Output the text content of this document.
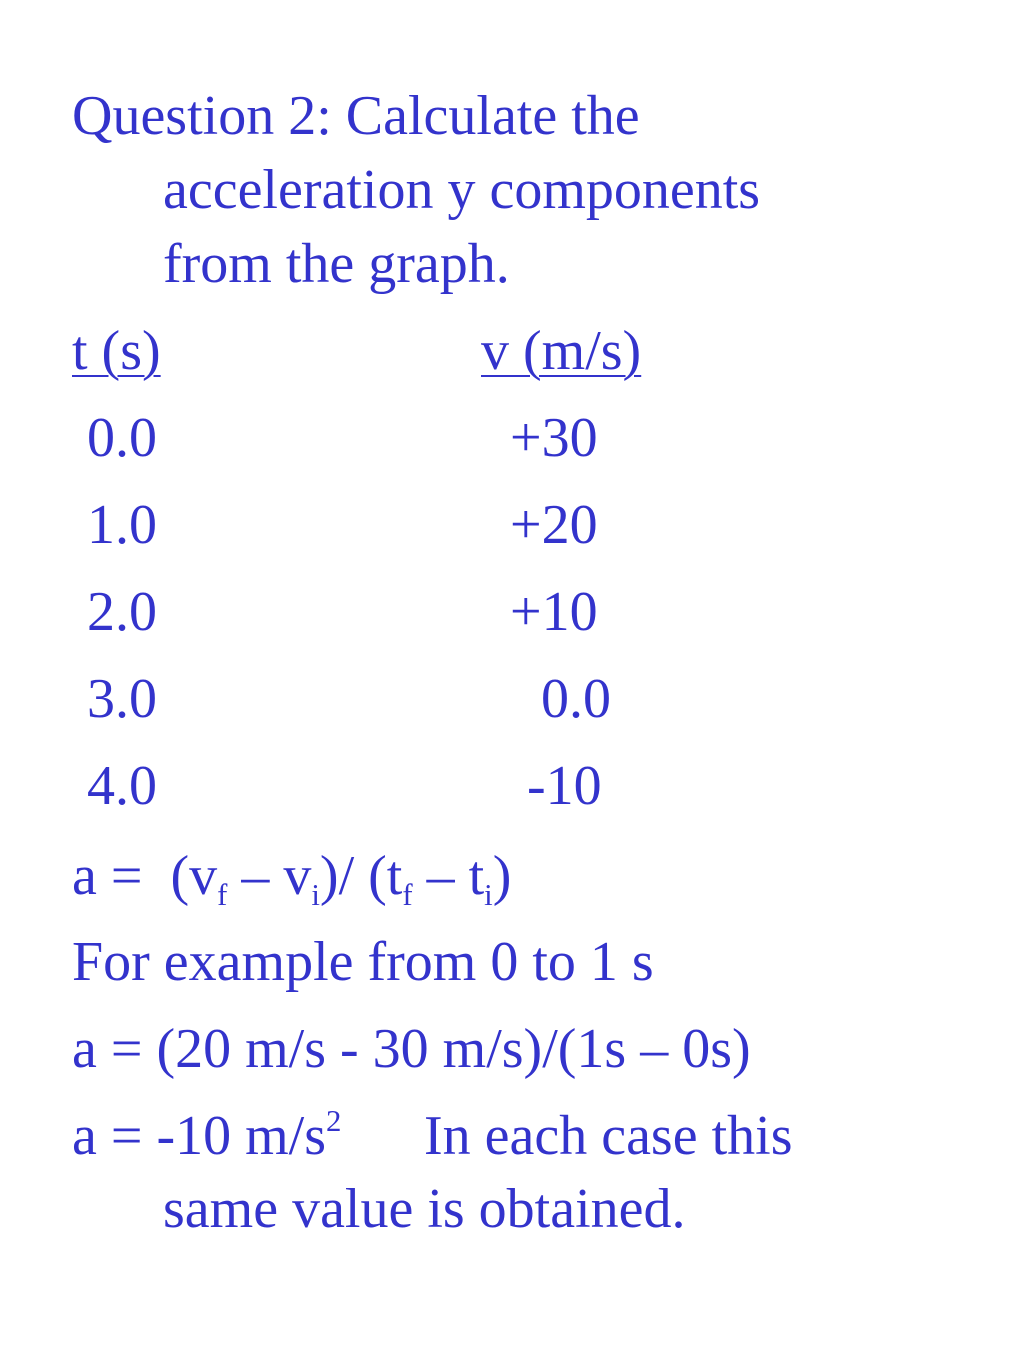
Question 2: Calculate the
acceleration y components
from the graph.
t (s)	v (m/s)
0.0	+30
1.0	+20
2.0	+10
3.0	0.0
4.0	-10
$a = (v_f - v_i)/$ $(t_f - t_i)$
For example from 0 to 1 s
a = (20 m/s - 30 m/s)/(1s – 0s)
a = -10 $m/s^2$ In each case this
same value is obtained.
